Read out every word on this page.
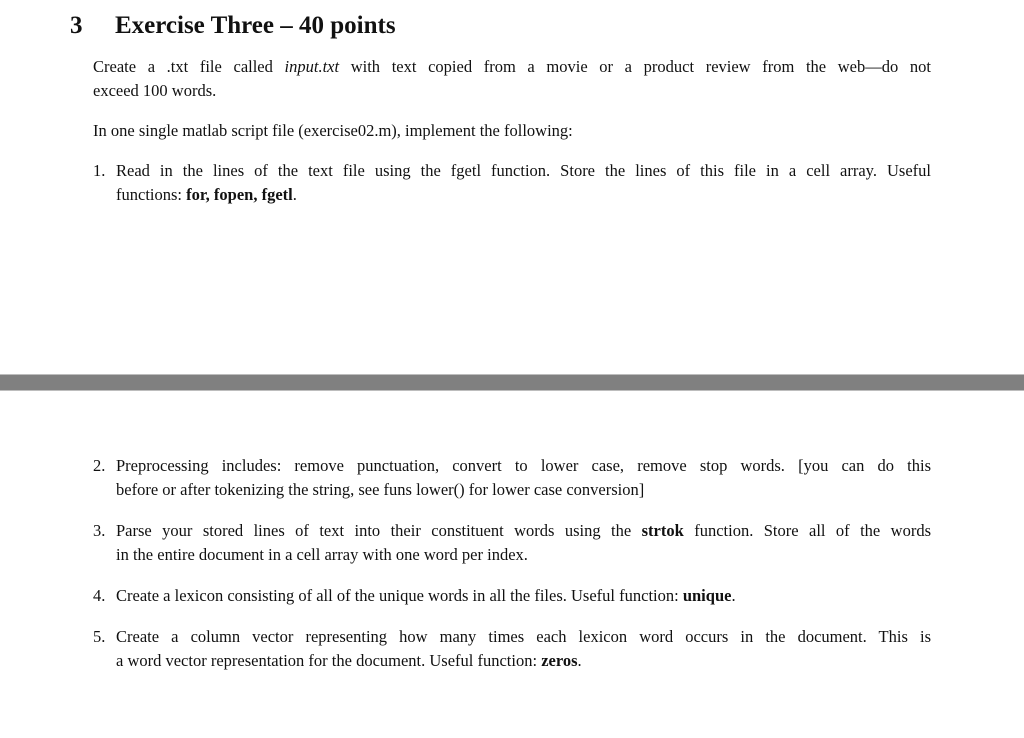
3 Exercise Three – 40 points
Create a .txt file called input.txt with text copied from a movie or a product review from the web—do not
exceed 100 words.
In one single matlab script file (exercise02.m), implement the following:
1. Read in the lines of the text file using the fgetl function. Store the lines of this file in a cell array. Useful
functions: for, fopen, fgetl.
2. Preprocessing includes: remove punctuation, convert to lower case, remove stop words. [you can do this
before or after tokenizing the string, see funs lower() for lower case conversion]
3. Parse your stored lines of text into their constituent words using the strtok function. Store all of the words
in the entire document in a cell array with one word per index.
4. Create a lexicon consisting of all of the unique words in all the files. Useful function: unique.
5. Create a column vector representing how many times each lexicon word occurs in the document. This is
a word vector representation for the document. Useful function: zeros.
